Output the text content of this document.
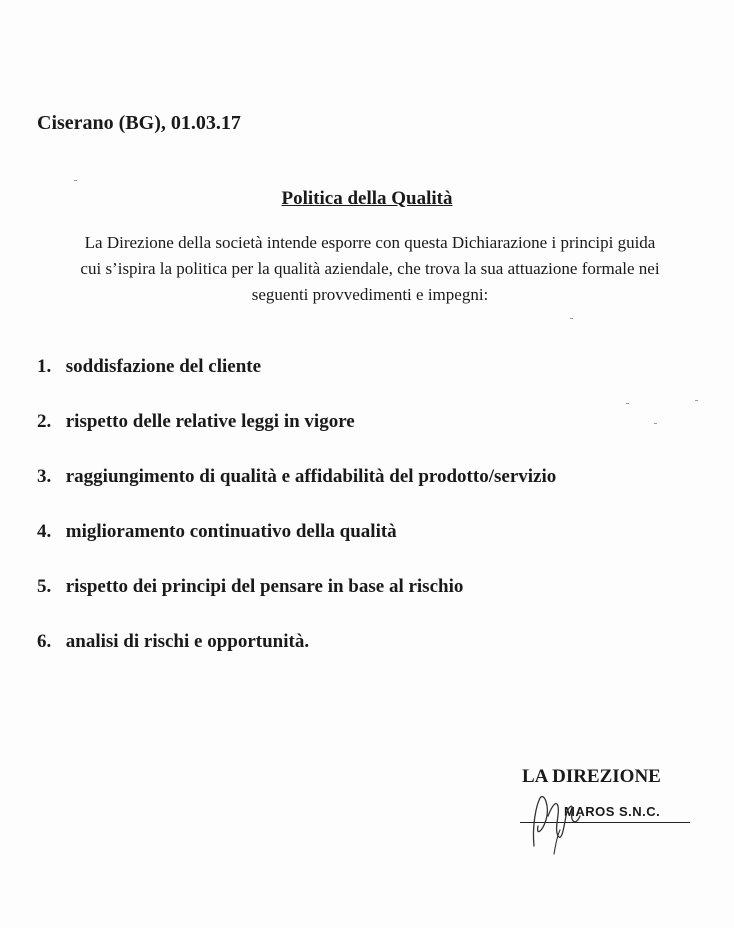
Ciserano (BG), 01.03.17
Politica della Qualità
La Direzione della società intende esporre con questa Dichiarazione i principi guida
cui s’ispira la politica per la qualità aziendale, che trova la sua attuazione formale nei
seguenti provvedimenti e impegni:
1. soddisfazione del cliente
2. rispetto delle relative leggi in vigore
3. raggiungimento di qualità e affidabilità del prodotto/servizio
4. miglioramento continuativo della qualità
5. rispetto dei principi del pensare in base al rischio
6. analisi di rischi e opportunità.
LA DIREZIONE
MAROS S.N.C.
